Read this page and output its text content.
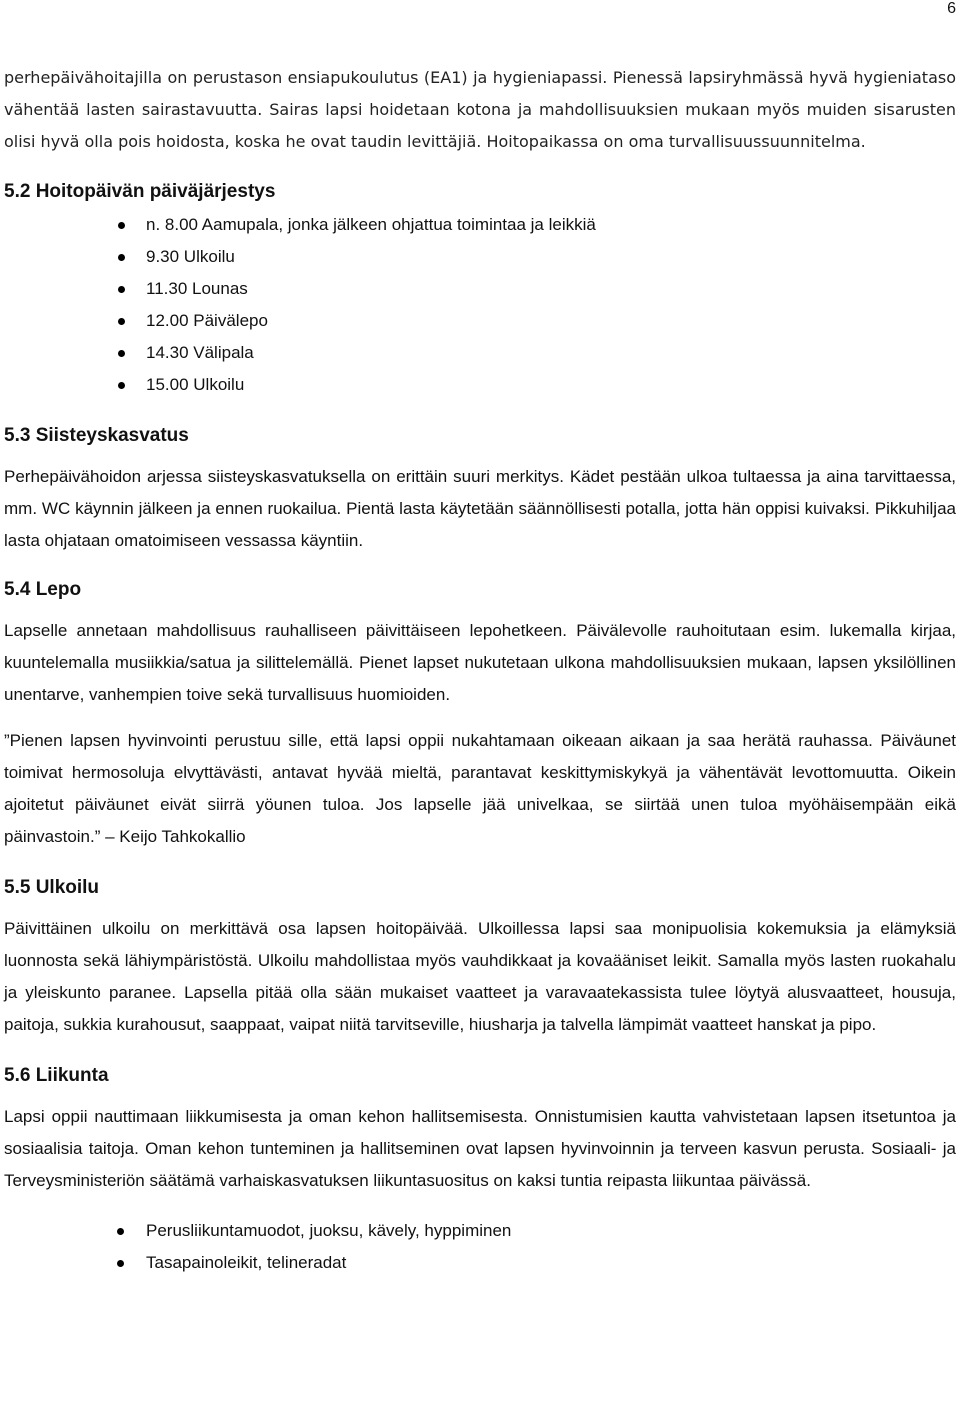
6

perhepäivähoitajilla on perustason ensiapukoulutus (EA1) ja hygieniapassi. Pienessä lapsiryhmässä hyvä hygieniataso vähentää lasten sairastavuutta. Sairas lapsi hoidetaan kotona ja mahdollisuuksien mukaan myös muiden sisarusten olisi hyvä olla pois hoidosta, koska he ovat taudin levittäjiä. Hoitopaikassa on oma turvallisuussuunnitelma.

5.2 Hoitopäivän päiväjärjestys
n. 8.00 Aamupala, jonka jälkeen ohjattua toimintaa ja leikkiä
9.30 Ulkoilu
11.30 Lounas
12.00 Päivälepo
14.30 Välipala
15.00 Ulkoilu
5.3 Siisteyskasvatus

Perhepäivähoidon arjessa siisteyskasvatuksella on erittäin suuri merkitys. Kädet pestään ulkoa tultaessa ja aina tarvittaessa, mm. WC käynnin jälkeen ja ennen ruokailua. Pientä lasta käytetään säännöllisesti potalla, jotta hän oppisi kuivaksi. Pikkuhiljaa lasta ohjataan omatoimiseen vessassa käyntiin.

5.4 Lepo

Lapselle annetaan mahdollisuus rauhalliseen päivittäiseen lepohetkeen. Päivälevolle rauhoitutaan esim. lukemalla kirjaa, kuuntelemalla musiikkia/satua ja silittelemällä. Pienet lapset nukutetaan ulkona mahdollisuuksien mukaan, lapsen yksilöllinen unentarve, vanhempien toive sekä turvallisuus huomioiden.

”Pienen lapsen hyvinvointi perustuu sille, että lapsi oppii nukahtamaan oikeaan aikaan ja saa herätä rauhassa. Päiväunet toimivat hermosoluja elvyttävästi, antavat hyvää mieltä, parantavat keskittymiskykyä ja vähentävät levottomuutta. Oikein ajoitetut päiväunet eivät siirrä yöunen tuloa. Jos lapselle jää univelkaa, se siirtää unen tuloa myöhäisempään eikä päinvastoin.” – Keijo Tahkokallio

5.5 Ulkoilu

Päivittäinen ulkoilu on merkittävä osa lapsen hoitopäivää. Ulkoillessa lapsi saa monipuolisia kokemuksia ja elämyksiä luonnosta sekä lähiympäristöstä. Ulkoilu mahdollistaa myös vauhdikkaat ja kovaääniset leikit. Samalla myös lasten ruokahalu ja yleiskunto paranee. Lapsella pitää olla sään mukaiset vaatteet ja varavaatekassista tulee löytyä alusvaatteet, housuja, paitoja, sukkia kurahousut, saappaat, vaipat niitä tarvitseville, hiusharja ja talvella lämpimät vaatteet hanskat ja pipo.

5.6 Liikunta

Lapsi oppii nauttimaan liikkumisesta ja oman kehon hallitsemisesta. Onnistumisien kautta vahvistetaan lapsen itsetuntoa ja sosiaalisia taitoja. Oman kehon tunteminen ja hallitseminen ovat lapsen hyvinvoinnin ja terveen kasvun perusta. Sosiaali- ja Terveysministeriön säätämä varhaiskasvatuksen liikuntasuositus on kaksi tuntia reipasta liikuntaa päivässä.

Perusliikuntamuodot, juoksu, kävely, hyppiminen
Tasapainoleikit, telineradat
